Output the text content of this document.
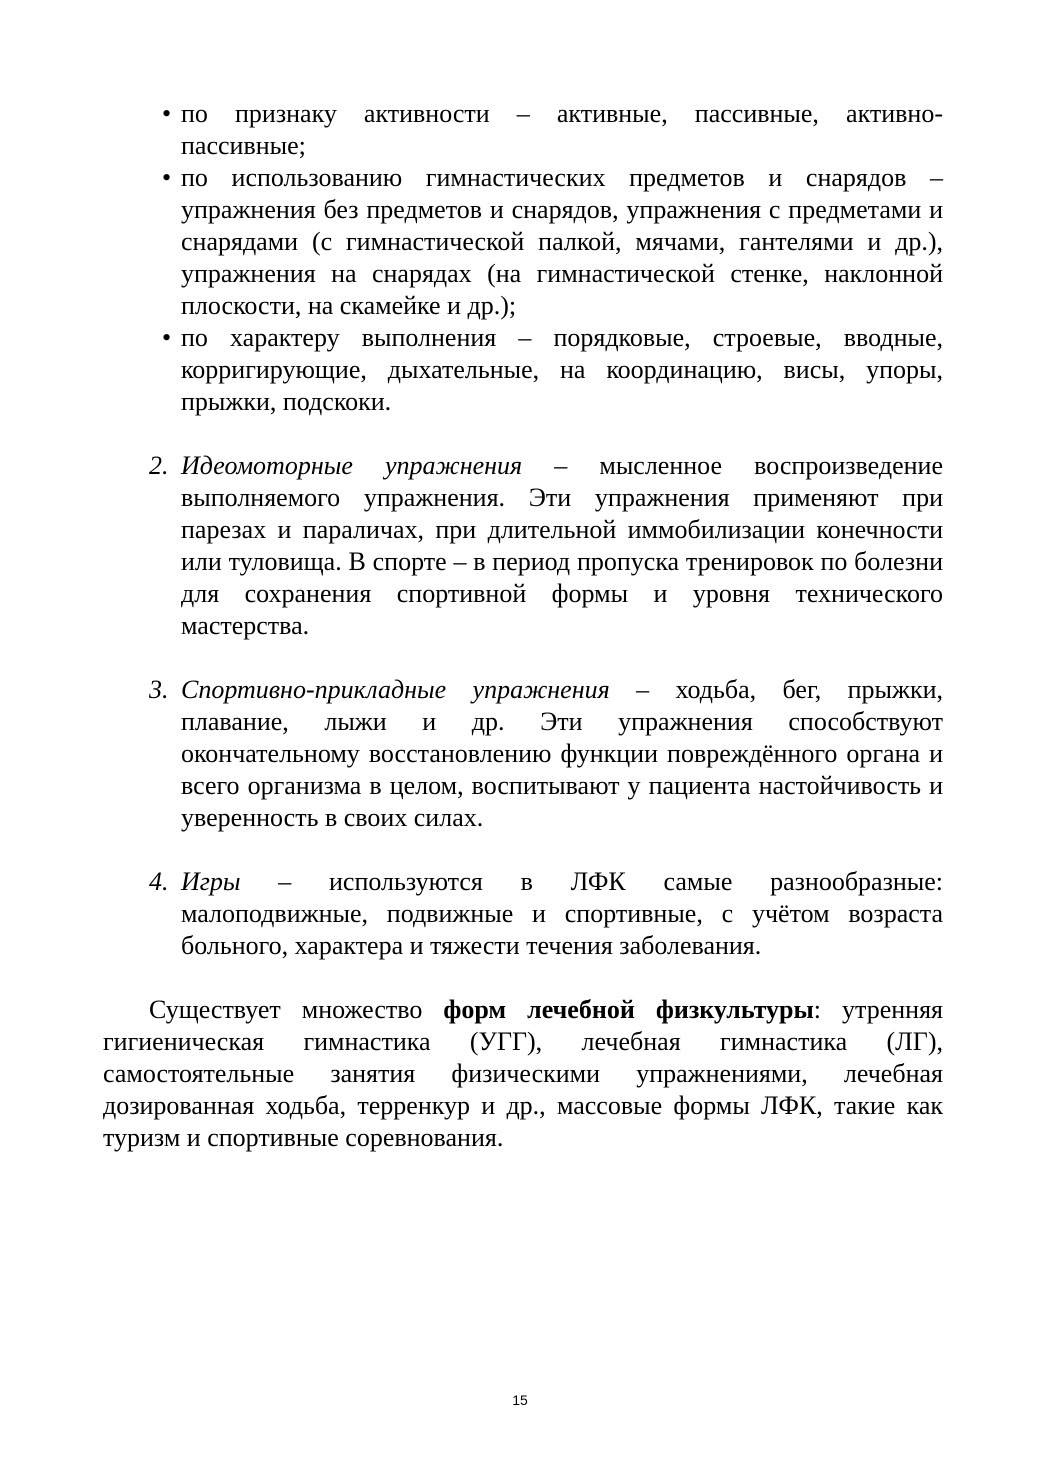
• по признаку активности – активные, пассивные, активно-пассивные;
• по использованию гимнастических предметов и снарядов – упражнения без предметов и снарядов, упражнения с предметами и снарядами (с гимнастической палкой, мячами, гантелями и др.), упражнения на снарядах (на гимнастической стенке, наклонной плоскости, на скамейке и др.);
• по характеру выполнения – порядковые, строевые, вводные, корригирующие, дыхательные, на координацию, висы, упоры, прыжки, подскоки.
2. Идеомоторные упражнения – мысленное воспроизведение выполняемого упражнения. Эти упражнения применяют при парезах и параличах, при длительной иммобилизации конечности или туловища. В спорте – в период пропуска тренировок по болезни для сохранения спортивной формы и уровня технического мастерства.
3. Спортивно-прикладные упражнения – ходьба, бег, прыжки, плавание, лыжи и др. Эти упражнения способствуют окончательному восстановлению функции повреждённого органа и всего организма в целом, воспитывают у пациента настойчивость и уверенность в своих силах.
4. Игры – используются в ЛФК самые разнообразные: малоподвижные, подвижные и спортивные, с учётом возраста больного, характера и тяжести течения заболевания.

Существует множество форм лечебной физкультуры: утренняя гигиеническая гимнастика (УГГ), лечебная гимнастика (ЛГ), самостоятельные занятия физическими упражнениями, лечебная дозированная ходьба, терренкур и др., массовые формы ЛФК, такие как туризм и спортивные соревнования.

15
